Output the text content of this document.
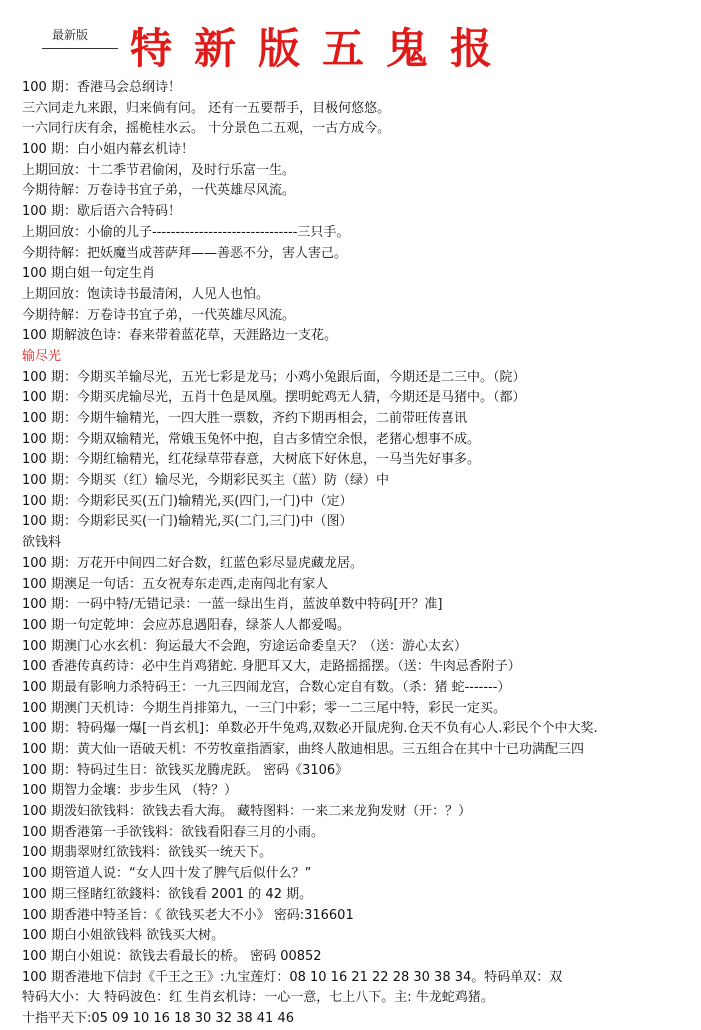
最新版 特新版五鬼报
100 期：香港马会总纲诗！
三六同走九来跟，归来倘有问。 还有一五要帮手，目极何悠悠。
一六同行庆有余，摇桅桂水云。 十分景色二五观，一古方成今。
100 期：白小姐内幕玄机诗！
上期回放：十二季节君偷闲，及时行乐富一生。
今期待解：万卷诗书宜子弟，一代英雄尽风流。
100 期：歇后语六合特码！
上期回放：小偷的儿子-------------------------------三只手。
今期待解：把妖魔当成菩萨拜——善恶不分，害人害己。
100 期白姐一句定生肖
上期回放：饱读诗书最清闲，人见人也怕。
今期待解：万卷诗书宜子弟，一代英雄尽风流。
100 期解波色诗：春来带着蓝花草，天涯路边一支花。
输尽光
100 期：今期买羊输尽光，五光七彩是龙马；小鸡小兔跟后面，今期还是二三中。（院）
100 期：今期买虎输尽光，五肖十色是凤凰。摆明蛇鸡无人猜，今期还是马猪中。（都）
100 期：今期牛输精光，一四大胜一票数，齐约下期再相会，二前带旺传喜讯
100 期：今期双输精光，常娥玉兔怀中抱，自古多情空余恨，老猪心想事不成。
100 期：今期红输精光，红花绿草带春意，大树底下好休息，一马当先好事多。
100 期：今期买（红）输尽光，今期彩民买主（蓝）防（绿）中
100 期：今期彩民买(五门)输精光,买(四门,一门)中（定）
100 期：今期彩民买(一门)输精光,买(二门,三门)中（图）
欲钱料
100 期：万花开中间四二好合数，红蓝色彩尽显虎藏龙居。
100 期澳足一句话：五女祝寿东走西,走南闯北有家人
100 期：一码中特/无错记录：一蓝一绿出生肖，蓝波单数中特码[开？准]
100 期一句定乾坤：会应苏息遇阳春，绿茶人人都爱喝。
100 期澳门心水玄机：狗运最大不会跑，穷途运命委皇天？（送：游心太玄）
100 香港传真药诗：必中生肖鸡猪蛇. 身肥耳又大，走路摇摇摆。（送：牛肉忌香附子）
100 期最有影响力杀特码王：一九三四闹龙宫，合数心定自有数。（杀：猪 蛇-------）
100 期澳门天机诗：今期生肖排第九，一三门中彩；零一二三尾中特，彩民一定买。
100 期：特码爆一爆[一肖玄机]：单数必开牛兔鸡,双数必开鼠虎狗.仓天不负有心人.彩民个个中大奖.
100 期：黄大仙一语破天机：不劳牧童指酒家，曲终人散迪相思。三五组合在其中十已功满配三四
100 期：特码过生日：欲钱买龙腾虎跃。 密码《3106》
100 期智力金壤：步步生风 （特？）
100 期泼妇欲钱料：欲钱去看大海。 藏特图料：一来二来龙狗发财（开：？）
100 期香港第一手欲钱料：欲钱看阳春三月的小雨。
100 期翡翠财红欲钱料：欲钱买一统天下。
100 期管道人说：“女人四十发了脾气后似什么？”
100 期三怪睹红欲錢料：欲钱看 2001 的 42 期。
100 期香港中特圣旨：《 欲钱买老大不小》 密码:316601
100 期白小姐欲钱料 欲钱买大树。
100 期白小姐说：欲钱去看最长的桥。 密码 00852
100 期香港地下信封《千王之王》:九宝莲灯：08 10 16 21 22 28 30 38 34。特码单双：双
特码大小：大 特码波色：红 生肖玄机诗：一心一意，七上八下。主: 牛龙蛇鸡猪。
十指平天下:05 09 10 16 18 30 32 38 41 46
